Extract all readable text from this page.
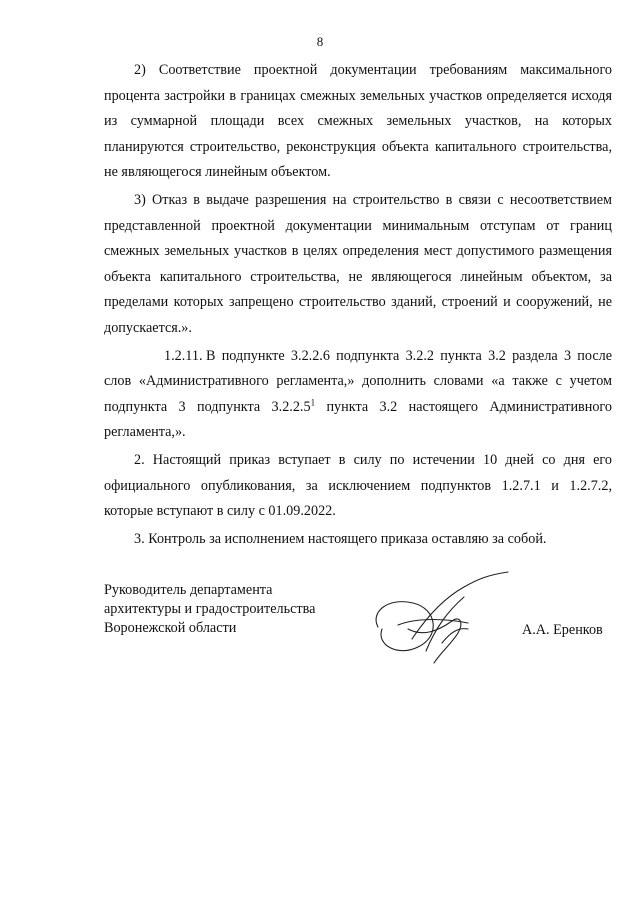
8

2) Соответствие проектной документации требованиям максимального процента застройки в границах смежных земельных участков определяется исходя из суммарной площади всех смежных земельных участков, на которых планируются строительство, реконструкция объекта капитального строительства, не являющегося линейным объектом.

3) Отказ в выдаче разрешения на строительство в связи с несоответствием представленной проектной документации минимальным отступам от границ смежных земельных участков в целях определения мест допустимого размещения объекта капитального строительства, не являющегося линейным объектом, за пределами которых запрещено строительство зданий, строений и сооружений, не допускается.».

1.2.11. В подпункте 3.2.2.6 подпункта 3.2.2 пункта 3.2 раздела 3 после слов «Административного регламента,» дополнить словами «а также с учетом подпункта 3 подпункта 3.2.2.5$^1$ пункта 3.2 настоящего Административного регламента,».

2. Настоящий приказ вступает в силу по истечении 10 дней со дня его официального опубликования, за исключением подпунктов 1.2.7.1 и 1.2.7.2, которые вступают в силу с 01.09.2022.

3. Контроль за исполнением настоящего приказа оставляю за собой.

Руководитель департамента
архитектуры и градостроительства
Воронежской области	А.А. Еренков
